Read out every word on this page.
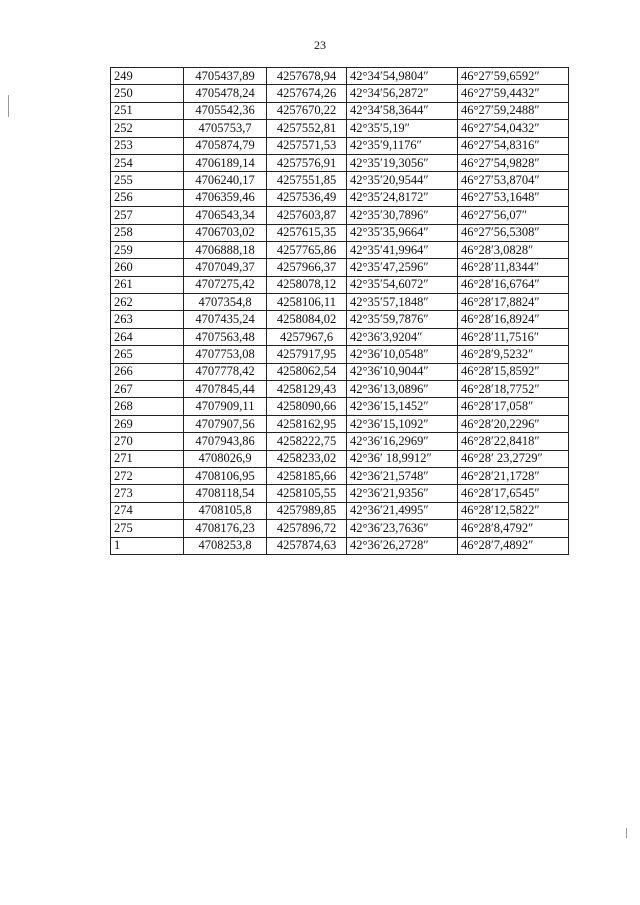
23
249	4705437,89	4257678,94	42°34′54,9804″	46°27′59,6592″
250	4705478,24	4257674,26	42°34′56,2872″	46°27′59,4432″
251	4705542,36	4257670,22	42°34′58,3644″	46°27′59,2488″
252	4705753,7	4257552,81	42°35′5,19″	46°27′54,0432″
253	4705874,79	4257571,53	42°35′9,1176″	46°27′54,8316″
254	4706189,14	4257576,91	42°35′19,3056″	46°27′54,9828″
255	4706240,17	4257551,85	42°35′20,9544″	46°27′53,8704″
256	4706359,46	4257536,49	42°35′24,8172″	46°27′53,1648″
257	4706543,34	4257603,87	42°35′30,7896″	46°27′56,07″
258	4706703,02	4257615,35	42°35′35,9664″	46°27′56,5308″
259	4706888,18	4257765,86	42°35′41,9964″	46°28′3,0828″
260	4707049,37	4257966,37	42°35′47,2596″	46°28′11,8344″
261	4707275,42	4258078,12	42°35′54,6072″	46°28′16,6764″
262	4707354,8	4258106,11	42°35′57,1848″	46°28′17,8824″
263	4707435,24	4258084,02	42°35′59,7876″	46°28′16,8924″
264	4707563,48	4257967,6	42°36′3,9204″	46°28′11,7516″
265	4707753,08	4257917,95	42°36′10,0548″	46°28′9,5232″
266	4707778,42	4258062,54	42°36′10,9044″	46°28′15,8592″
267	4707845,44	4258129,43	42°36′13,0896″	46°28′18,7752″
268	4707909,11	4258090,66	42°36′15,1452″	46°28′17,058″
269	4707907,56	4258162,95	42°36′15,1092″	46°28′20,2296″
270	4707943,86	4258222,75	42°36′16,2969″	46°28′22,8418″
271	4708026,9	4258233,02	42°36′ 18,9912″	46°28′ 23,2729″
272	4708106,95	4258185,66	42°36′21,5748″	46°28′21,1728″
273	4708118,54	4258105,55	42°36′21,9356″	46°28′17,6545″
274	4708105,8	4257989,85	42°36′21,4995″	46°28′12,5822″
275	4708176,23	4257896,72	42°36′23,7636″	46°28′8,4792″
1	4708253,8	4257874,63	42°36′26,2728″	46°28′7,4892″
